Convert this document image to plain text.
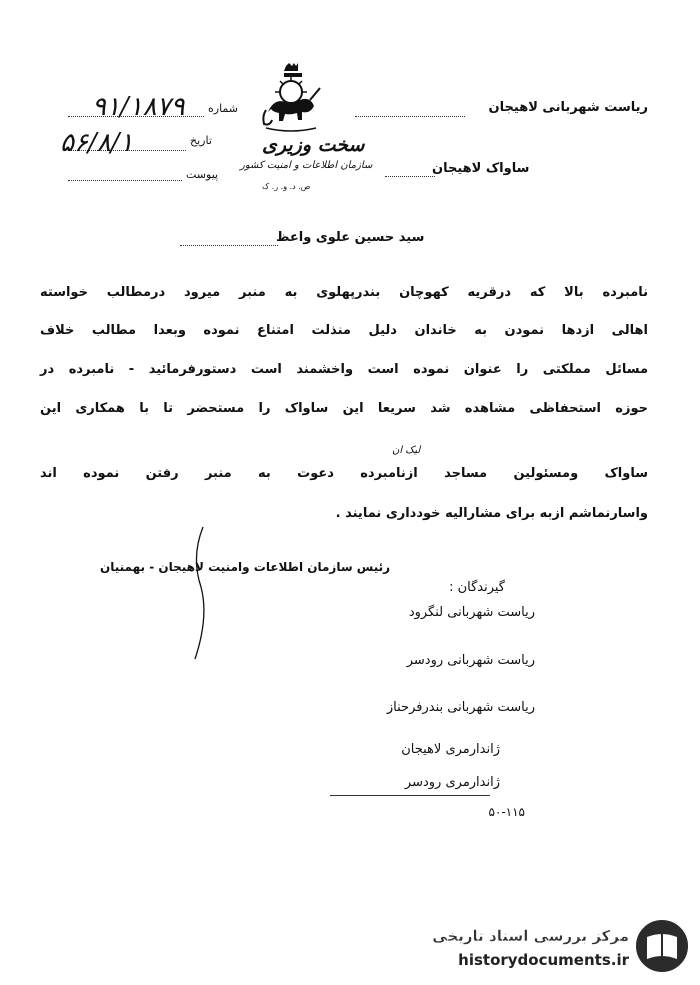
شماره
۹۱/۱۸۷۹
تاریخ
۵۶/۸/۱
پیوست
سخت وزیری
سازمان اطلاعات و امنیت کشور
ص. د. و. ر. ک
ریاست شهربانی لاهیجان
ساواک لاهیجان
سید حسین علوی واعظ
نامبرده بالا که درقریه کهوچان بندرپهلوی به منبر میرود درمطالب خواسته
اهالی ازدها نمودن به خاندان دلیل منذلت امتناع نموده وبعدا مطالب خلاف
مسائل مملکتی را عنوان نموده است واخشمند است دستورفرمائید - نامبرده در
حوزه استحفاظی مشاهده شد سریعا این ساواک را مستحضر تا با همکاری این
لیک ان
ساواک ومسئولین مساجد ازنامبرده دعوت به منبر رفتن نموده اند
واسارنماشم ازبه برای مشارالیه خودداری نمایند .
رئیس سازمان اطلاعات وامنیت لاهیجان - بهمنیان
گیرندگان :
ریاست شهربانی لنگرود
ریاست شهربانی رودسر
ریاست شهربانی بندرفرحناز
ژاندارمری لاهیجان
ژاندارمری رودسر
۵۰-۱۱۵
مرکز بررسی اسناد تاریخی
historydocuments.ir
